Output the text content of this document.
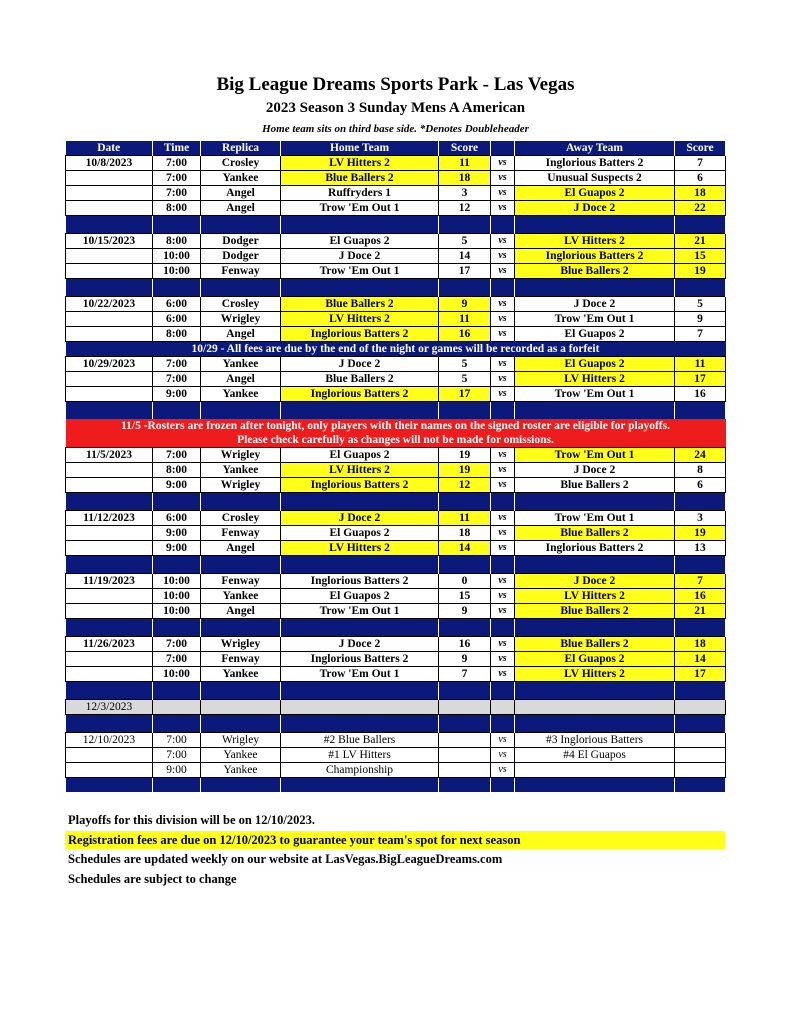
Big League Dreams Sports Park - Las Vegas
2023 Season 3 Sunday Mens A American
Home team sits on third base side. *Denotes Doubleheader
Date	Time	Replica	Home Team	Score		Away Team	Score
10/8/2023	7:00	Crosley	LV Hitters 2	11	vs	Inglorious Batters 2	7
	7:00	Yankee	Blue Ballers 2	18	vs	Unusual Suspects 2	6
	7:00	Angel	Ruffryders 1	3	vs	El Guapos 2	18
	8:00	Angel	Trow 'Em Out 1	12	vs	J Doce 2	22

10/15/2023	8:00	Dodger	El Guapos 2	5	vs	LV Hitters 2	21
	10:00	Dodger	J Doce 2	14	vs	Inglorious Batters 2	15
	10:00	Fenway	Trow 'Em Out 1	17	vs	Blue Ballers 2	19

10/22/2023	6:00	Crosley	Blue Ballers 2	9	vs	J Doce 2	5
	6:00	Wrigley	LV Hitters 2	11	vs	Trow 'Em Out 1	9
	8:00	Angel	Inglorious Batters 2	16	vs	El Guapos 2	7
10/29 - All fees are due by the end of the night or games will be recorded as a forfeit							
10/29/2023	7:00	Yankee	J Doce 2	5	vs	El Guapos 2	11
	7:00	Angel	Blue Ballers 2	5	vs	LV Hitters 2	17
	9:00	Yankee	Inglorious Batters 2	17	vs	Trow 'Em Out 1	16

11/5 -Rosters are frozen after tonight, only players with their names on the signed roster are eligible for playoffs.							
Please check carefully as changes will not be made for omissions.							
11/5/2023	7:00	Wrigley	El Guapos 2	19	vs	Trow 'Em Out 1	24
	8:00	Yankee	LV Hitters 2	19	vs	J Doce 2	8
	9:00	Wrigley	Inglorious Batters 2	12	vs	Blue Ballers 2	6

11/12/2023	6:00	Crosley	J Doce 2	11	vs	Trow 'Em Out 1	3
	9:00	Fenway	El Guapos 2	18	vs	Blue Ballers 2	19
	9:00	Angel	LV Hitters 2	14	vs	Inglorious Batters 2	13

11/19/2023	10:00	Fenway	Inglorious Batters 2	0	vs	J Doce 2	7
	10:00	Yankee	El Guapos 2	15	vs	LV Hitters 2	16
	10:00	Angel	Trow 'Em Out 1	9	vs	Blue Ballers 2	21

11/26/2023	7:00	Wrigley	J Doce 2	16	vs	Blue Ballers 2	18
	7:00	Fenway	Inglorious Batters 2	9	vs	El Guapos 2	14
	10:00	Yankee	Trow 'Em Out 1	7	vs	LV Hitters 2	17

12/3/2023							

12/10/2023	7:00	Wrigley	#2 Blue Ballers		vs	#3 Inglorious Batters	
	7:00	Yankee	#1 LV Hitters		vs	#4 El Guapos	
	9:00	Yankee	Championship		vs		

Playoffs for this division will be on 12/10/2023.
Registration fees are due on 12/10/2023 to guarantee your team's spot for next season
Schedules are updated weekly on our website at LasVegas.BigLeagueDreams.com
Schedules are subject to change
